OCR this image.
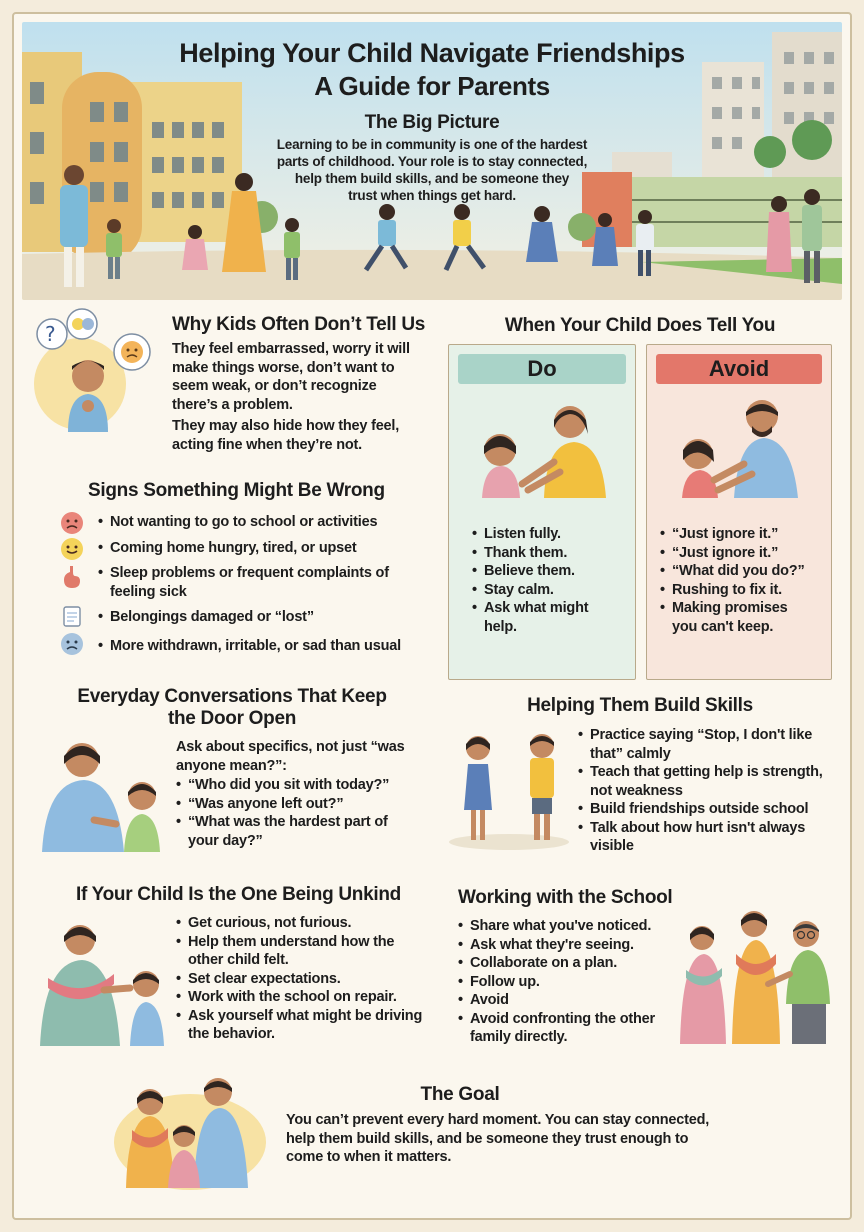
Helping Your Child Navigate Friendships
A Guide for Parents
The Big Picture
Learning to be in community is one of the hardest
parts of childhood. Your role is to stay connected,
help them build skills, and be someone they
trust when things get hard.
?	Why Kids Often Don’t Tell Us
They feel embarrassed, worry it will
make things worse, don’t want to
seem weak, or don’t recognize
there’s a problem.
They may also hide how they feel,
acting fine when they’re not.
When Your Child Does Tell You
Do
• Listen fully.
• Thank them.
• Believe them.
• Stay calm.
• Ask what might
help.
Avoid
• “Just ignore it.”
• “Just ignore it.”
• “What did you do?”
• Rushing to fix it.
• Making promises
you can't keep.
Signs Something Might Be Wrong
• Not wanting to go to school or activities
• Coming home hungry, tired, or upset
• Sleep problems or frequent complaints of
feeling sick
• Belongings damaged or “lost”
• More withdrawn, irritable, or sad than usual
Everyday Conversations That Keep
the Door Open
Ask about specifics, not just “was
anyone mean?”:
• “Who did you sit with today?”
• “Was anyone left out?”
• “What was the hardest part of
your day?”
Helping Them Build Skills
• Practice saying “Stop, I don't like
that” calmly
• Teach that getting help is strength,
not weakness
• Build friendships outside school
• Talk about how hurt isn't always
visible
If Your Child Is the One Being Unkind
• Get curious, not furious.
• Help them understand how the
other child felt.
• Set clear expectations.
• Work with the school on repair.
• Ask yourself what might be driving
the behavior.
Working with the School
• Share what you've noticed.
• Ask what they're seeing.
• Collaborate on a plan.
• Follow up.
• Avoid
• Avoid confronting the other
family directly.
The Goal
You can’t prevent every hard moment. You can stay connected,
help them build skills, and be someone they trust enough to
come to when it matters.
